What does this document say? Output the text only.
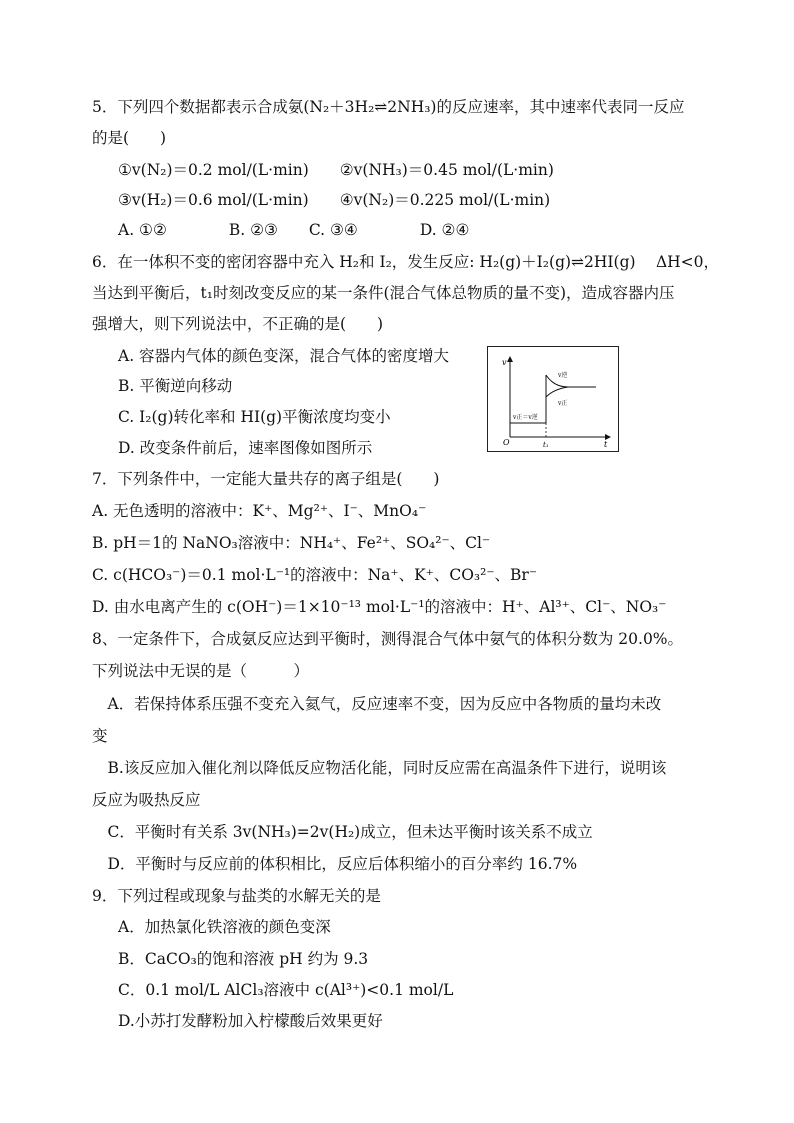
5．下列四个数据都表示合成氨(N₂＋3H₂⇌2NH₃)的反应速率，其中速率代表同一反应
的是(　　)
①v(N₂)＝0.2 mol/(L·min)　　②v(NH₃)＝0.45 mol/(L·min)
③v(H₂)＝0.6 mol/(L·min)　　④v(N₂)＝0.225 mol/(L·min)
A. ①②　　　　B. ②③　　C. ③④　　　　D. ②④
6．在一体积不变的密闭容器中充入 H₂和 I₂，发生反应: H₂(g)＋I₂(g)⇌2HI(g)　 ΔH<0，
当达到平衡后，t₁时刻改变反应的某一条件(混合气体总物质的量不变)，造成容器内压
强增大，则下列说法中，不正确的是(　　)
A. 容器内气体的颜色变深，混合气体的密度增大
B. 平衡逆向移动
C. I₂(g)转化率和 HI(g)平衡浓度均变小
D. 改变条件前后，速率图像如图所示
v
t
O	t₁
v正＝v逆
v逆
v正
7．下列条件中，一定能大量共存的离子组是(　　)
A. 无色透明的溶液中：K⁺、Mg²⁺、I⁻、MnO₄⁻
B. pH＝1的 NaNO₃溶液中：NH₄⁺、Fe²⁺、SO₄²⁻、Cl⁻
C. c(HCO₃⁻)＝0.1 mol·L⁻¹的溶液中：Na⁺、K⁺、CO₃²⁻、Br⁻
D. 由水电离产生的 c(OH⁻)＝1×10⁻¹³ mol·L⁻¹的溶液中：H⁺、Al³⁺、Cl⁻、NO₃⁻
8、一定条件下，合成氨反应达到平衡时，测得混合气体中氨气的体积分数为 20.0%。
下列说法中无误的是（　　　）
　A．若保持体系压强不变充入氦气，反应速率不变，因为反应中各物质的量均未改
变
　B.该反应加入催化剂以降低反应物活化能，同时反应需在高温条件下进行，说明该
反应为吸热反应
　C．平衡时有关系 3v(NH₃)=2v(H₂)成立，但未达平衡时该关系不成立
　D．平衡时与反应前的体积相比，反应后体积缩小的百分率约 16.7%
9．下列过程或现象与盐类的水解无关的是
A．加热氯化铁溶液的颜色变深
B．CaCO₃的饱和溶液 pH 约为 9.3
C．0.1 mol/L AlCl₃溶液中 c(Al³⁺)<0.1 mol/L
D.小苏打发酵粉加入柠檬酸后效果更好
